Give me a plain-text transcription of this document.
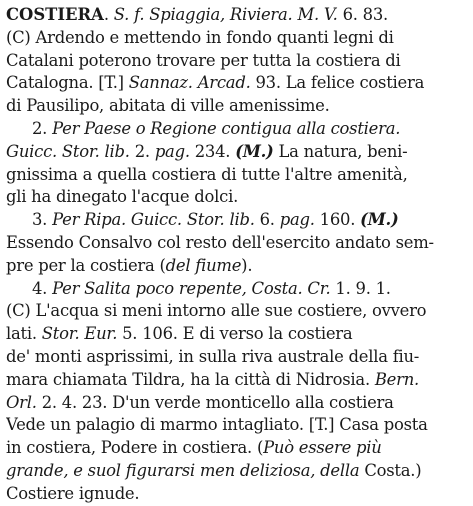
COSTIERA. S. f. Spiaggia, Riviera. M. V. 6. 83.
(C) Ardendo e mettendo in fondo quanti legni di
Catalani poterono trovare per tutta la costiera di
Catalogna. [T.] Sannaz. Arcad. 93. La felice costiera
di Pausilipo, abitata di ville amenissime.
2. Per Paese o Regione contigua alla costiera.
Guicc. Stor. lib. 2. pag. 234. (M.) La natura, beni-
gnissima a quella costiera di tutte l'altre amenità,
gli ha dinegato l'acque dolci.
3. Per Ripa. Guicc. Stor. lib. 6. pag. 160. (M.)
Essendo Consalvo col resto dell'esercito andato sem-
pre per la costiera (del fiume).
4. Per Salita poco repente, Costa. Cr. 1. 9. 1.
(C) L'acqua si meni intorno alle sue costiere, ovvero
lati. Stor. Eur. 5. 106. E di verso la costiera
de' monti asprissimi, in sulla riva australe della fiu-
mara chiamata Tildra, ha la città di Nidrosia. Bern.
Orl. 2. 4. 23. D'un verde monticello alla costiera
Vede un palagio di marmo intagliato. [T.] Casa posta
in costiera, Podere in costiera. (Può essere più
grande, e suol figurarsi men deliziosa, della Costa.)
Costiere ignude.
